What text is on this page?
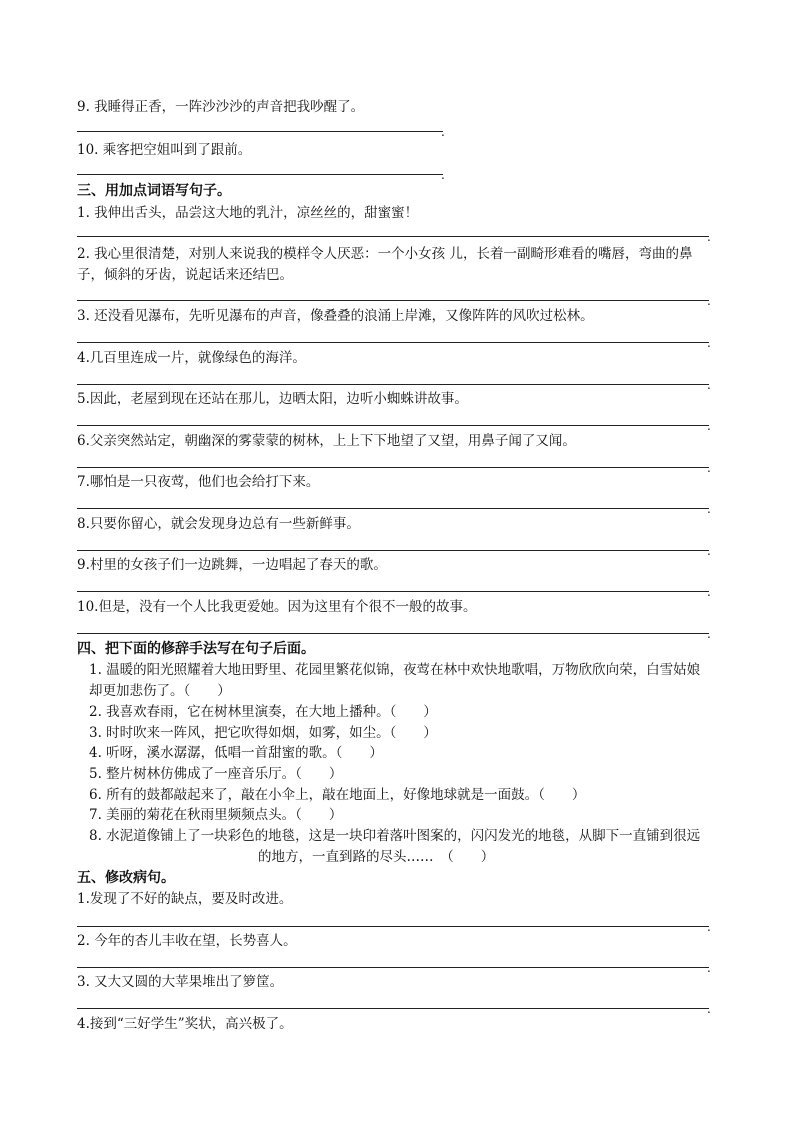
9. 我睡得正香，一阵沙沙沙的声音把我吵醒了。
.
10. 乘客把空姐叫到了跟前。
.
三、用加点词语写句子。
1. 我伸出舌头，品尝这大地的乳汁，凉丝丝的，甜蜜蜜！
.
2. 我心里很清楚，对别人来说我的模样令人厌恶：一个小女孩 儿，长着一副畸形难看的嘴唇，弯曲的鼻
子，倾斜的牙齿，说起话来还结巴。
.
3. 还没看见瀑布，先听见瀑布的声音，像叠叠的浪涌上岸滩，又像阵阵的风吹过松林。
.
4.几百里连成一片，就像绿色的海洋。
.
5.因此，老屋到现在还站在那儿，边晒太阳，边听小蜘蛛讲故事。
.
6.父亲突然站定，朝幽深的雾蒙蒙的树林，上上下下地望了又望，用鼻子闻了又闻。
.
7.哪怕是一只夜莺，他们也会给打下来。
.
8.只要你留心，就会发现身边总有一些新鲜事。
.
9.村里的女孩子们一边跳舞，一边唱起了春天的歌。
.
10.但是，没有一个人比我更爱她。因为这里有个很不一般的故事。
.
四、把下面的修辞手法写在句子后面。
1. 温暖的阳光照耀着大地田野里、花园里繁花似锦，夜莺在林中欢快地歌唱，万物欣欣向荣，白雪姑娘
却更加悲伤了。（　　）
2. 我喜欢春雨，它在树林里演奏，在大地上播种。（　　）
3. 时时吹来一阵风，把它吹得如烟，如雾，如尘。（　　）
4. 听呀，溪水潺潺，低唱一首甜蜜的歌。（　　）
5. 整片树林仿佛成了一座音乐厅。（　　）
6. 所有的鼓都敲起来了，敲在小伞上，敲在地面上，好像地球就是一面鼓。（　　）
7. 美丽的菊花在秋雨里频频点头。（　　）
8. 水泥道像铺上了一块彩色的地毯，这是一块印着落叶图案的，闪闪发光的地毯，从脚下一直铺到很远
的地方，一直到路的尽头……　（　　）
五、修改病句。
1.发现了不好的缺点，要及时改进。
.
2. 今年的杏儿丰收在望，长势喜人。
.
3. 又大又圆的大苹果堆出了箩筐。
.
4.接到“三好学生”奖状，高兴极了。
